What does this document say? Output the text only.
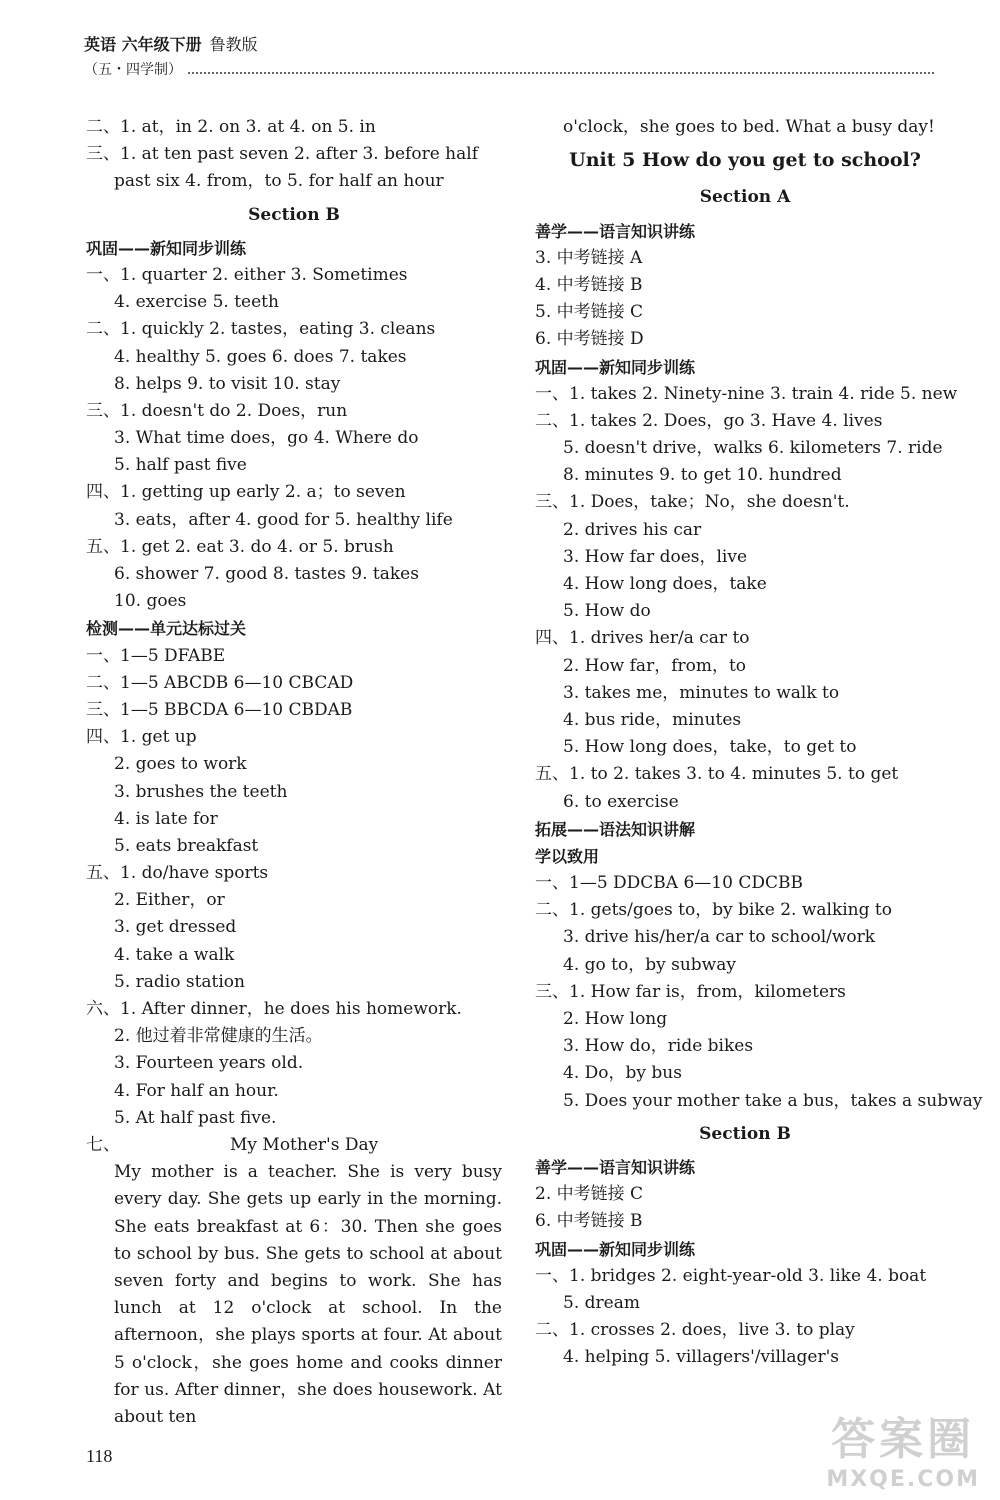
英语 六年级下册 鲁教版
（五・四学制）
二、1. at，in 2. on 3. at 4. on 5. in
三、1. at ten past seven 2. after 3. before half
past six 4. from，to 5. for half an hour
Section B
巩固——新知同步训练
一、1. quarter 2. either 3. Sometimes
4. exercise 5. teeth
二、1. quickly 2. tastes，eating 3. cleans
4. healthy 5. goes 6. does 7. takes
8. helps 9. to visit 10. stay
三、1. doesn't do 2. Does，run
3. What time does，go 4. Where do
5. half past five
四、1. getting up early 2. a；to seven
3. eats，after 4. good for 5. healthy life
五、1. get 2. eat 3. do 4. or 5. brush
6. shower 7. good 8. tastes 9. takes
10. goes
检测——单元达标过关
一、1—5 DFABE
二、1—5 ABCDB 6—10 CBCAD
三、1—5 BBCDA 6—10 CBDAB
四、1. get up
2. goes to work
3. brushes the teeth
4. is late for
5. eats breakfast
五、1. do/have sports
2. Either，or
3. get dressed
4. take a walk
5. radio station
六、1. After dinner，he does his homework.
2. 他过着非常健康的生活。
3. Fourteen years old.
4. For half an hour.
5. At half past five.
七、	My Mother's Day
My mother is a teacher. She is very busy every day. She gets up early in the morning. She eats breakfast at 6：30. Then she goes to school by bus. She gets to school at about seven forty and begins to work. She has lunch at 12 o'clock at school. In the afternoon，she plays sports at four. At about 5 o'clock，she goes home and cooks dinner for us. After dinner，she does housework. At about ten
o'clock，she goes to bed. What a busy day!
Unit 5 How do you get to school?
Section A
善学——语言知识讲练
3. 中考链接 A
4. 中考链接 B
5. 中考链接 C
6. 中考链接 D
巩固——新知同步训练
一、1. takes 2. Ninety-nine 3. train 4. ride 5. new
二、1. takes 2. Does，go 3. Have 4. lives
5. doesn't drive，walks 6. kilometers 7. ride
8. minutes 9. to get 10. hundred
三、1. Does，take；No，she doesn't.
2. drives his car
3. How far does，live
4. How long does，take
5. How do
四、1. drives her/a car to
2. How far，from，to
3. takes me，minutes to walk to
4. bus ride，minutes
5. How long does，take，to get to
五、1. to 2. takes 3. to 4. minutes 5. to get
6. to exercise
拓展——语法知识讲解
学以致用
一、1—5 DDCBA 6—10 CDCBB
二、1. gets/goes to，by bike 2. walking to
3. drive his/her/a car to school/work
4. go to，by subway
三、1. How far is，from，kilometers
2. How long
3. How do，ride bikes
4. Do，by bus
5. Does your mother take a bus，takes a subway
Section B
善学——语言知识讲练
2. 中考链接 C
6. 中考链接 B
巩固——新知同步训练
一、1. bridges 2. eight-year-old 3. like 4. boat
5. dream
二、1. crosses 2. does，live 3. to play
4. helping 5. villagers'/villager's
118	答案圈
MXQE.COM
